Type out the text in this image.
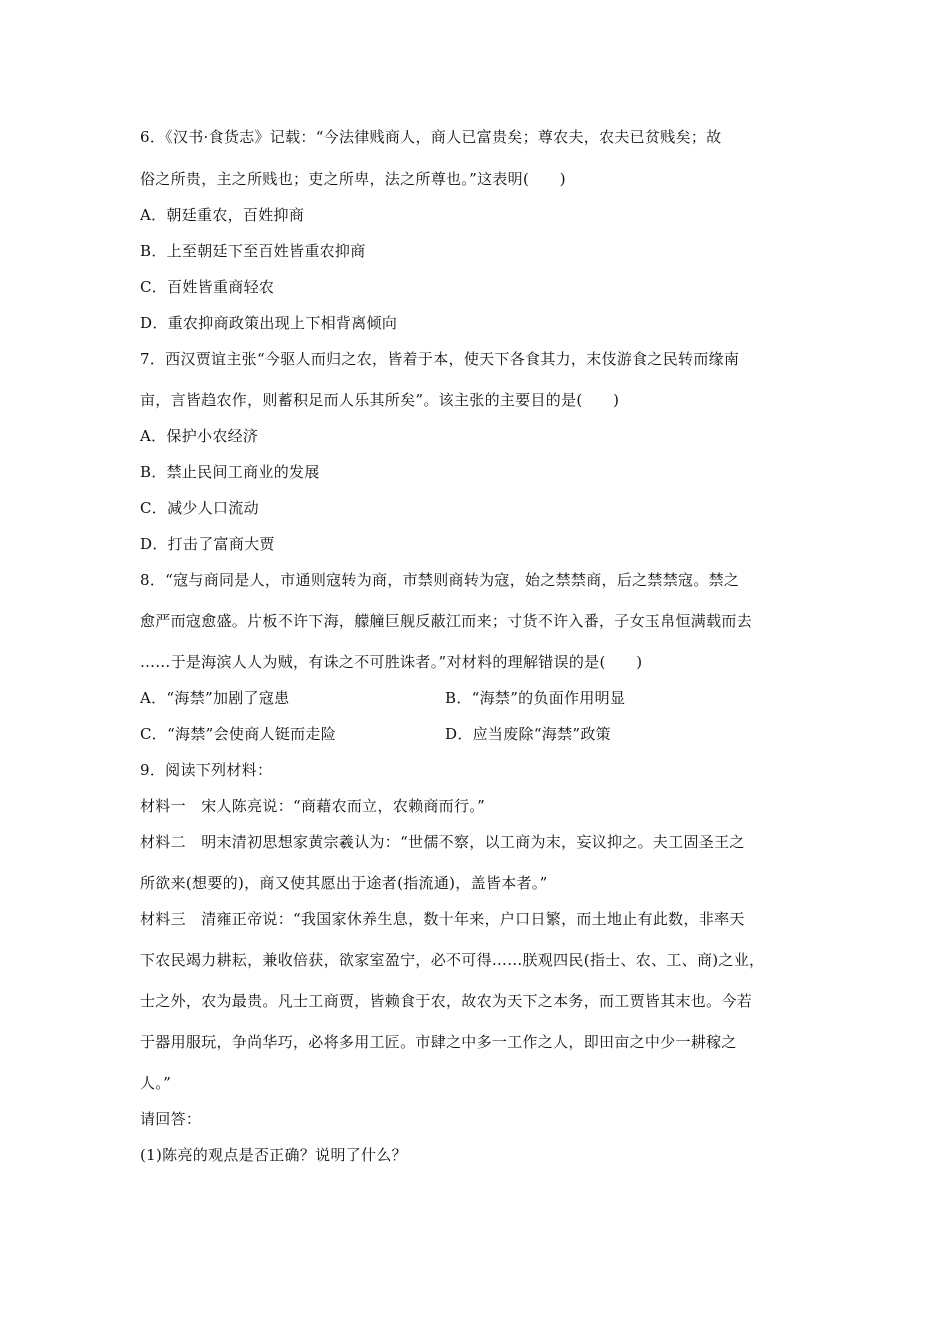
6．《汉书·食货志》记载：“今法律贱商人，商人已富贵矣；尊农夫，农夫已贫贱矣；故
俗之所贵，主之所贱也；吏之所卑，法之所尊也。”这表明(　　)
A．朝廷重农，百姓抑商
B．上至朝廷下至百姓皆重农抑商
C．百姓皆重商轻农
D．重农抑商政策出现上下相背离倾向
7．西汉贾谊主张“今驱人而归之农，皆着于本，使天下各食其力，末伎游食之民转而缘南
亩，言皆趋农作，则蓄积足而人乐其所矣”。该主张的主要目的是(　　)
A．保护小农经济
B．禁止民间工商业的发展
C．减少人口流动
D．打击了富商大贾
8．“寇与商同是人，市通则寇转为商，市禁则商转为寇，始之禁禁商，后之禁禁寇。禁之
愈严而寇愈盛。片板不许下海，艨艟巨舰反蔽江而来；寸货不许入番，子女玉帛恒满载而去
……于是海滨人人为贼，有诛之不可胜诛者。”对材料的理解错误的是(　　)
A．“海禁”加剧了寇患	B．“海禁”的负面作用明显
C．“海禁”会使商人铤而走险	D．应当废除“海禁”政策
9．阅读下列材料：
材料一　宋人陈亮说：“商藉农而立，农赖商而行。”
材料二　明末清初思想家黄宗羲认为：“世儒不察，以工商为末，妄议抑之。夫工固圣王之
所欲来(想要的)，商又使其愿出于途者(指流通)，盖皆本者。”
材料三　清雍正帝说：“我国家休养生息，数十年来，户口日繁，而土地止有此数，非率天
下农民竭力耕耘，兼收倍获，欲家室盈宁，必不可得……朕观四民(指士、农、工、商)之业，
士之外，农为最贵。凡士工商贾，皆赖食于农，故农为天下之本务，而工贾皆其末也。今若
于器用服玩，争尚华巧，必将多用工匠。市肆之中多一工作之人，即田亩之中少一耕稼之
人。”
请回答：
(1)陈亮的观点是否正确？说明了什么？
